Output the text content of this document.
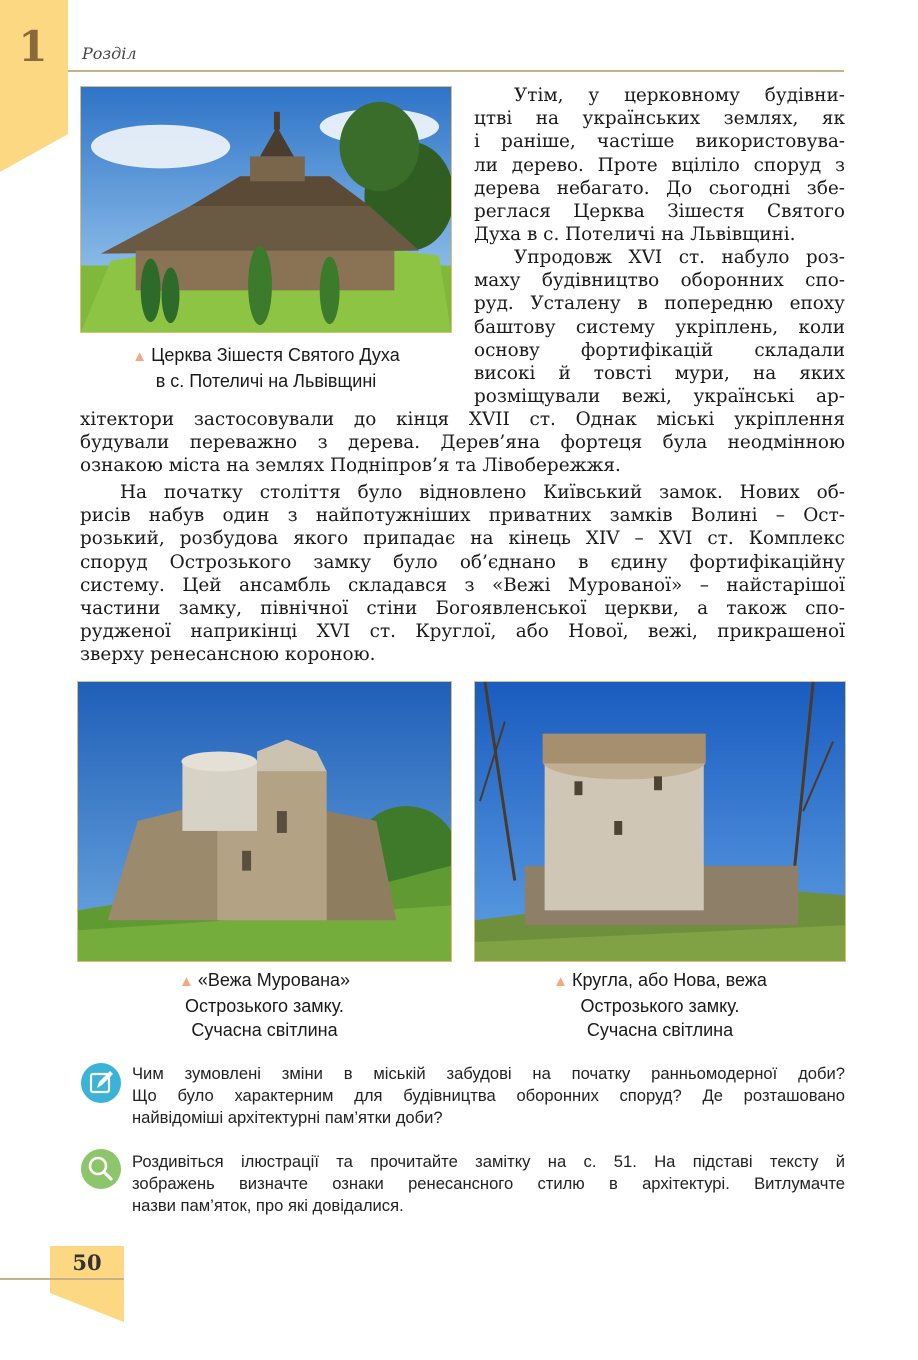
1	Розділ
▲ Церква Зішестя Святого Духа
в с. Потеличі на Львівщині
Утім, у церковному будівни-
цтві на українських землях, як
і раніше, частіше використовува-
ли дерево. Проте вціліло споруд з
дерева небагато. До сьогодні збе-
реглася Церква Зішестя Святого
Духа в с. Потеличі на Львівщині.
Упродовж XVI ст. набуло роз-
маху будівництво оборонних спо-
руд. Усталену в попередню епоху
баштову систему укріплень, коли
основу фортифікацій складали
високі й товсті мури, на яких
розміщували вежі, українські ар-
хітектори застосовували до кінця XVII ст. Однак міські укріплення
будували переважно з дерева. Дерев’яна фортеця була неодмінною
ознакою міста на землях Подніпров’я та Лівобережжя.
На початку століття було відновлено Київський замок. Нових об-
рисів набув один з найпотужніших приватних замків Волині – Ост-
розький, розбудова якого припадає на кінець XIV – XVI ст. Комплекс
споруд Острозького замку було об’єднано в єдину фортифікаційну
систему. Цей ансамбль складався з «Вежі Мурованої» – найстарішої
частини замку, північної стіни Богоявленської церкви, а також спо-
рудженої наприкінці XVI ст. Круглої, або Нової, вежі, прикрашеної
зверху ренесансною короною.
▲ «Вежа Мурована»
Острозького замку.
Сучасна світлина
▲ Кругла, або Нова, вежа
Острозького замку.
Сучасна світлина
Чим зумовлені зміни в міській забудові на початку ранньомодерної доби?
Що було характерним для будівництва оборонних споруд? Де розташовано
найвідоміші архітектурні пам’ятки доби?
Роздивіться ілюстрації та прочитайте замітку на с. 51. На підставі тексту й
зображень визначте ознаки ренесансного стилю в архітектурі. Витлумачте
назви пам’яток, про які довідалися.
50
